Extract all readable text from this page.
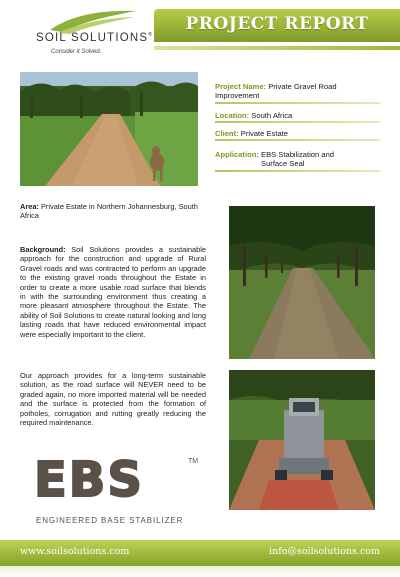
SOIL SOLUTIONS®
Consider it Solved.
PROJECT REPORT
Project Name: Private Gravel Road Improvement
Location: South Africa
Client: Private Estate
Application: EBS Stabilization and Surface Seal
Area: Private Estate in Northern Johannesburg, South Africa
Background: Soil Solutions provides a sustainable approach for the construction and upgrade of Rural Gravel roads and was contracted to perform an upgrade to the existing gravel roads throughout the Estate in order to create a more usable road surface that blends in with the surrounding environment thus creating a more pleasant atmosphere throughout the Estate. The ability of Soil Solutions to create natural looking and long lasting roads that have reduced environmental impact were especially important to the client.
Our approach provides for a long-term sustainable solution, as the road surface will NEVER need to be graded again, no more imported material will be needed and the surface is protected from the formation of potholes, corrugation and rutting greatly reducing the required maintenance.
EBS	TM
ENGINEERED BASE STABILIZER
www.soilsolutions.com	info@soilsolutions.com
